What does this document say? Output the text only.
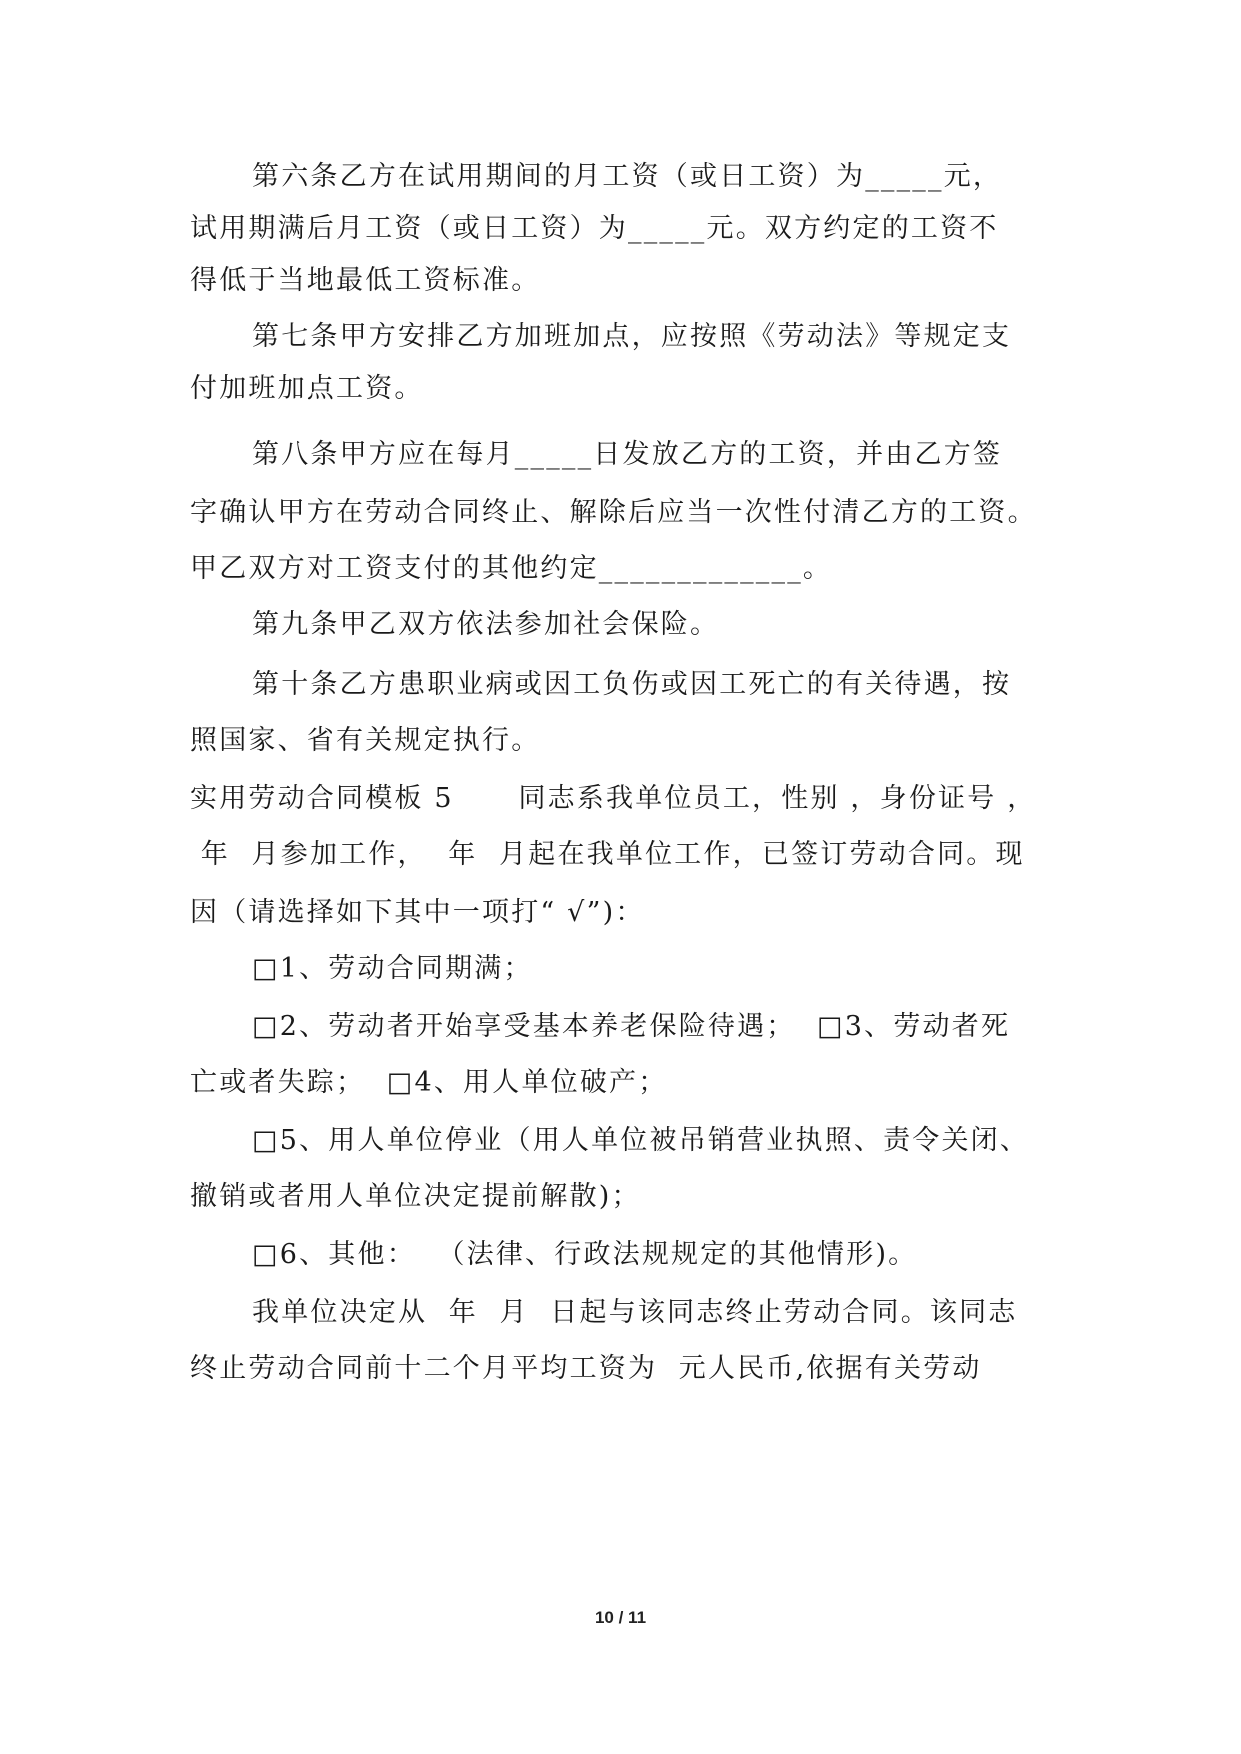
第六条乙方在试用期间的月工资（或日工资）为_____元，
试用期满后月工资（或日工资）为_____元。双方约定的工资不
得低于当地最低工资标准。
第七条甲方安排乙方加班加点，应按照《劳动法》等规定支
付加班加点工资。
第八条甲方应在每月_____日发放乙方的工资，并由乙方签
字确认甲方在劳动合同终止、解除后应当一次性付清乙方的工资。
甲乙双方对工资支付的其他约定_____________。
第九条甲乙双方依法参加社会保险。
第十条乙方患职业病或因工负伤或因工死亡的有关待遇，按
照国家、省有关规定执行。
实用劳动合同模板 5      同志系我单位员工，性别 ，身份证号 ，
年  月参加工作，  年  月起在我单位工作，已签订劳动合同。现
因（请选择如下其中一项打“ √”)：
□1、劳动合同期满；
□2、劳动者开始享受基本养老保险待遇；  □3、劳动者死
亡或者失踪；  □4、用人单位破产；
□5、用人单位停业（用人单位被吊销营业执照、责令关闭、
撤销或者用人单位决定提前解散)；
□6、其他：  （法律、行政法规规定的其他情形)。
我单位决定从  年  月  日起与该同志终止劳动合同。该同志
终止劳动合同前十二个月平均工资为  元人民币,依据有关劳动
10 / 11
